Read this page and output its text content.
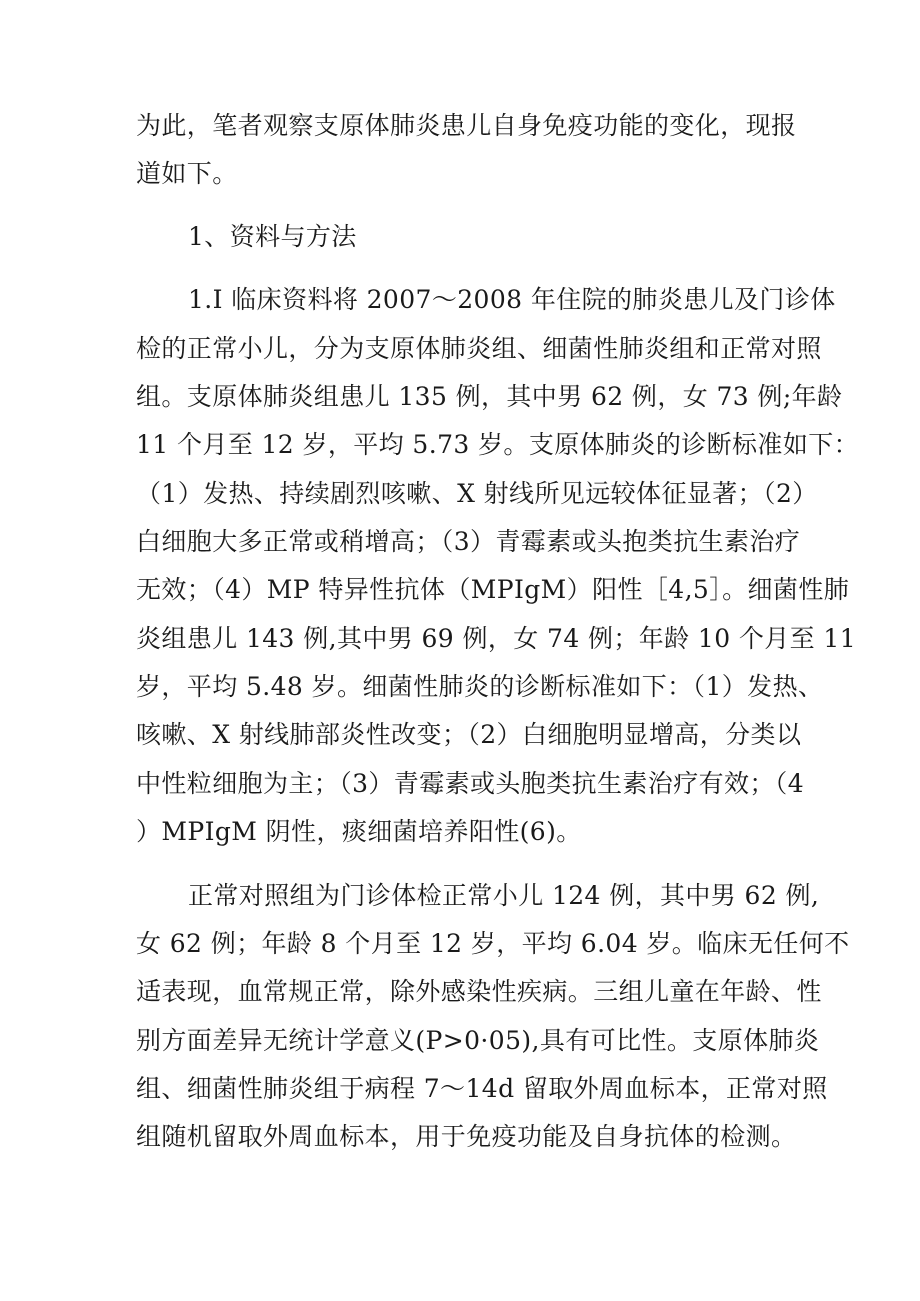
为此，笔者观察支原体肺炎患儿自身免疫功能的变化，现报
道如下。
1、资料与方法
1.I 临床资料将 2007～2008 年住院的肺炎患儿及门诊体
检的正常小儿，分为支原体肺炎组、细菌性肺炎组和正常对照
组。支原体肺炎组患儿 135 例，其中男 62 例，女 73 例;年龄
11 个月至 12 岁，平均 5.73 岁。支原体肺炎的诊断标准如下：
（1）发热、持续剧烈咳嗽、X 射线所见远较体征显著；（2）
白细胞大多正常或稍增高；（3）青霉素或头抱类抗生素治疗
无效；（4）MP 特异性抗体（MPIgM）阳性［4,5］。细菌性肺
炎组患儿 143 例,其中男 69 例，女 74 例；年龄 10 个月至 11
岁，平均 5.48 岁。细菌性肺炎的诊断标准如下：（1）发热、
咳嗽、X 射线肺部炎性改变；（2）白细胞明显增高，分类以
中性粒细胞为主；（3）青霉素或头胞类抗生素治疗有效；（4
）MPIgM 阴性，痰细菌培养阳性(6)。
正常对照组为门诊体检正常小儿 124 例，其中男 62 例,
女 62 例；年龄 8 个月至 12 岁，平均 6.04 岁。临床无任何不
适表现，血常规正常，除外感染性疾病。三组儿童在年龄、性
别方面差异无统计学意义(P>0·05),具有可比性。支原体肺炎
组、细菌性肺炎组于病程 7～14d 留取外周血标本，正常对照
组随机留取外周血标本，用于免疫功能及自身抗体的检测。
